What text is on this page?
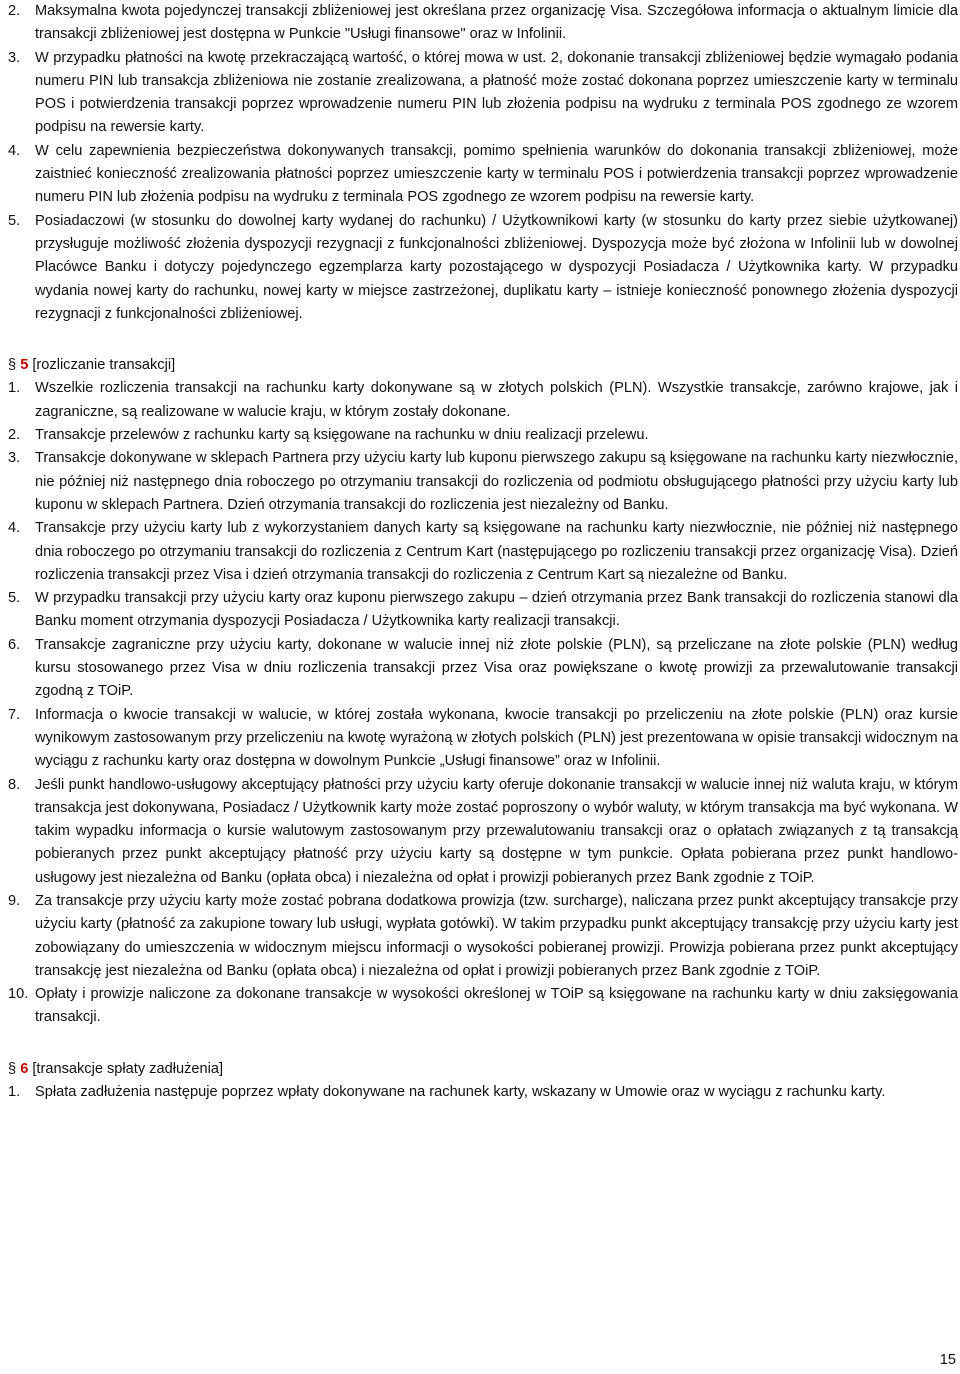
2. Maksymalna kwota pojedynczej transakcji zbliżeniowej jest określana przez organizację Visa. Szczegółowa informacja o aktualnym limicie dla transakcji zbliżeniowej jest dostępna w Punkcie "Usługi finansowe" oraz w Infolinii.
3. W przypadku płatności na kwotę przekraczającą wartość, o której mowa w ust. 2, dokonanie transakcji zbliżeniowej będzie wymagało podania numeru PIN lub transakcja zbliżeniowa nie zostanie zrealizowana, a płatność może zostać dokonana poprzez umieszczenie karty w terminalu POS i potwierdzenia transakcji poprzez wprowadzenie numeru PIN lub złożenia podpisu na wydruku z terminala POS zgodnego ze wzorem podpisu na rewersie karty.
4. W celu zapewnienia bezpieczeństwa dokonywanych transakcji, pomimo spełnienia warunków do dokonania transakcji zbliżeniowej, może zaistnieć konieczność zrealizowania płatności poprzez umieszczenie karty w terminalu POS i potwierdzenia transakcji poprzez wprowadzenie numeru PIN lub złożenia podpisu na wydruku z terminala POS zgodnego ze wzorem podpisu na rewersie karty.
5. Posiadaczowi (w stosunku do dowolnej karty wydanej do rachunku) / Użytkownikowi karty (w stosunku do karty przez siebie użytkowanej) przysługuje możliwość złożenia dyspozycji rezygnacji z funkcjonalności zbliżeniowej. Dyspozycja może być złożona w Infolinii lub w dowolnej Placówce Banku i dotyczy pojedynczego egzemplarza karty pozostającego w dyspozycji Posiadacza / Użytkownika karty. W przypadku wydania nowej karty do rachunku, nowej karty w miejsce zastrzeżonej, duplikatu karty – istnieje konieczność ponownego złożenia dyspozycji rezygnacji z funkcjonalności zbliżeniowej.

§ 5 [rozliczanie transakcji]

1. Wszelkie rozliczenia transakcji na rachunku karty dokonywane są w złotych polskich (PLN). Wszystkie transakcje, zarówno krajowe, jak i zagraniczne, są realizowane w walucie kraju, w którym zostały dokonane.
2. Transakcje przelewów z rachunku karty są księgowane na rachunku w dniu realizacji przelewu.
3. Transakcje dokonywane w sklepach Partnera przy użyciu karty lub kuponu pierwszego zakupu są księgowane na rachunku karty niezwłocznie, nie później niż następnego dnia roboczego po otrzymaniu transakcji do rozliczenia od podmiotu obsługującego płatności przy użyciu karty lub kuponu w sklepach Partnera. Dzień otrzymania transakcji do rozliczenia jest niezależny od Banku.
4. Transakcje przy użyciu karty lub z wykorzystaniem danych karty są księgowane na rachunku karty niezwłocznie, nie później niż następnego dnia roboczego po otrzymaniu transakcji do rozliczenia z Centrum Kart (następującego po rozliczeniu transakcji przez organizację Visa). Dzień rozliczenia transakcji przez Visa i dzień otrzymania transakcji do rozliczenia z Centrum Kart są niezależne od Banku.
5. W przypadku transakcji przy użyciu karty oraz kuponu pierwszego zakupu – dzień otrzymania przez Bank transakcji do rozliczenia stanowi dla Banku moment otrzymania dyspozycji Posiadacza / Użytkownika karty realizacji transakcji.
6. Transakcje zagraniczne przy użyciu karty, dokonane w walucie innej niż złote polskie (PLN), są przeliczane na złote polskie (PLN) według kursu stosowanego przez Visa w dniu rozliczenia transakcji przez Visa oraz powiększane o kwotę prowizji za przewalutowanie transakcji zgodną z TOiP.
7. Informacja o kwocie transakcji w walucie, w której została wykonana, kwocie transakcji po przeliczeniu na złote polskie (PLN) oraz kursie wynikowym zastosowanym przy przeliczeniu na kwotę wyrażoną w złotych polskich (PLN) jest prezentowana w opisie transakcji widocznym na wyciągu z rachunku karty oraz dostępna w dowolnym Punkcie „Usługi finansowe” oraz w Infolinii.
8. Jeśli punkt handlowo-usługowy akceptujący płatności przy użyciu karty oferuje dokonanie transakcji w walucie innej niż waluta kraju, w którym transakcja jest dokonywana, Posiadacz / Użytkownik karty może zostać poproszony o wybór waluty, w którym transakcja ma być wykonana. W takim wypadku informacja o kursie walutowym zastosowanym przy przewalutowaniu transakcji oraz o opłatach związanych z tą transakcją pobieranych przez punkt akceptujący płatność przy użyciu karty są dostępne w tym punkcie. Opłata pobierana przez punkt handlowo-usługowy jest niezależna od Banku (opłata obca) i niezależna od opłat i prowizji pobieranych przez Bank zgodnie z TOiP.
9. Za transakcje przy użyciu karty może zostać pobrana dodatkowa prowizja (tzw. surcharge), naliczana przez punkt akceptujący transakcje przy użyciu karty (płatność za zakupione towary lub usługi, wypłata gotówki). W takim przypadku punkt akceptujący transakcję przy użyciu karty jest zobowiązany do umieszczenia w widocznym miejscu informacji o wysokości pobieranej prowizji. Prowizja pobierana przez punkt akceptujący transakcję jest niezależna od Banku (opłata obca) i niezależna od opłat i prowizji pobieranych przez Bank zgodnie z TOiP.
10. Opłaty i prowizje naliczone za dokonane transakcje w wysokości określonej w TOiP są księgowane na rachunku karty w dniu zaksięgowania transakcji.

§ 6 [transakcje spłaty zadłużenia]

1. Spłata zadłużenia następuje poprzez wpłaty dokonywane na rachunek karty, wskazany w Umowie oraz w wyciągu z rachunku karty.
15
